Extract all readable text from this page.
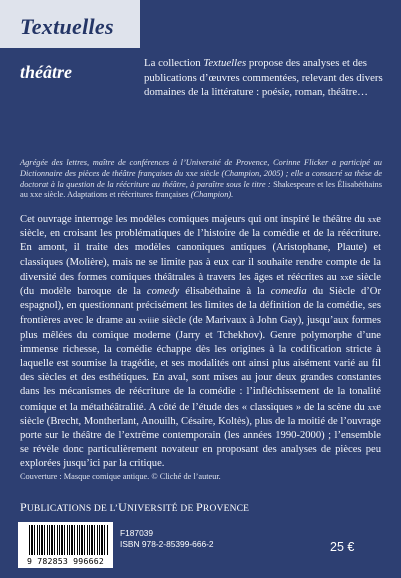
Textuelles
théâtre	La collection Textuelles propose des analyses et des publications d’œuvres commentées, relevant des divers domaines de la littérature : poésie, roman, théâtre…
Agrégée des lettres, maître de conférences à l’Université de Provence, Corinne Flicker a participé au Dictionnaire des pièces de théâtre françaises du xxe siècle (Champion, 2005) ; elle a consacré sa thèse de doctorat à la question de la réécriture au théâtre, à paraître sous le titre : Shakespeare et les Élisabéthains au xxe siècle. Adaptations et réécritures françaises (Champion).
Cet ouvrage interroge les modèles comiques majeurs qui ont inspiré le théâtre du xxe siècle, en croisant les problématiques de l’histoire de la comédie et de la réécriture. En amont, il traite des modèles canoniques antiques (Aristophane, Plaute) et classiques (Molière), mais ne se limite pas à eux car il souhaite rendre compte de la diversité des formes comiques théâtrales à travers les âges et réécrites au xxe siècle (du modèle baroque de la comedy élisabéthaine à la comedia du Siècle d’Or espagnol), en questionnant précisément les limites de la définition de la comédie, ses frontières avec le drame au xviiie siècle (de Marivaux à John Gay), jusqu’aux formes plus mêlées du comique moderne (Jarry et Tchekhov). Genre polymorphe d’une immense richesse, la comédie échappe dès les origines à la codification stricte à laquelle est soumise la tragédie, et ses modalités ont ainsi plus aisément varié au fil des siècles et des esthétiques. En aval, sont mises au jour deux grandes constantes dans les mécanismes de réécriture de la comédie : l’infléchissement de la tonalité comique et la métathéâtralité. A côté de l’étude des « classiques » de la scène du xxe siècle (Brecht, Montherlant, Anouilh, Césaire, Koltès), plus de la moitié de l’ouvrage porte sur le théâtre de l’extrême contemporain (les années 1990-2000) ; l’ensemble se révèle donc particulièrement novateur en proposant des analyses de pièces peu explorées jusqu’ici par la critique.
Couverture : Masque comique antique. © Cliché de l’auteur.
PUBLICATIONS DE L’UNIVERSITÉ DE PROVENCE
9 782853 996662
F187039
ISBN 978-2-85399-666-2	25 €
